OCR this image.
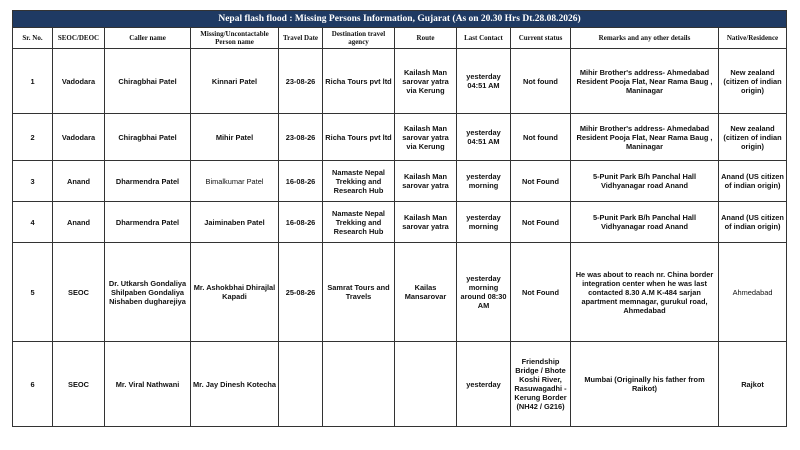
Nepal flash flood : Missing Persons Information, Gujarat (As on 20.30 Hrs Dt.28.08.2026)										
Sr. No.	SEOC/DEOC	Caller name	Missing/Uncontactable Person name	Travel Date	Destination travel agency	Route	Last Contact	Current status	Remarks and any other details	Native/Residence
1	Vadodara	Chiragbhai Patel	Kinnari Patel	23-08-26	Richa Tours pvt ltd	Kailash Man sarovar yatra via Kerung	yesterday 04:51 AM	Not found	Mihir Brother's address- Ahmedabad Resident Pooja Flat, Near Rama Baug , Maninagar	New zealand (citizen of indian origin)
2	Vadodara	Chiragbhai Patel	Mihir Patel	23-08-26	Richa Tours pvt ltd	Kailash Man sarovar yatra via Kerung	yesterday 04:51 AM	Not found	Mihir Brother's address- Ahmedabad Resident Pooja Flat, Near Rama Baug , Maninagar	New zealand (citizen of indian origin)
3	Anand	Dharmendra Patel	Bimalkumar Patel	16-08-26	Namaste Nepal Trekking and Research Hub	Kailash Man sarovar yatra	yesterday morning	Not Found	5-Punit Park B/h Panchal Hall Vidhyanagar road Anand	Anand (US citizen of indian origin)
4	Anand	Dharmendra Patel	Jaiminaben Patel	16-08-26	Namaste Nepal Trekking and Research Hub	Kailash Man sarovar yatra	yesterday morning	Not Found	5-Punit Park B/h Panchal Hall Vidhyanagar road Anand	Anand (US citizen of indian origin)
5	SEOC	Dr. Utkarsh Gondaliya Shilpaben Gondaliya Nishaben dugharejiya	Mr. Ashokbhai Dhirajlal Kapadi	25-08-26	Samrat Tours and Travels	Kailas Mansarovar	yesterday morning around 08:30 AM	Not Found	He was about to reach nr. China border integration center when he was last contacted 8.30 A.M K-484 sarjan apartment memnagar, gurukul road, Ahmedabad	Ahmedabad
6	SEOC	Mr. Viral Nathwani	Mr. Jay Dinesh Kotecha				yesterday	Friendship Bridge / Bhote Koshi River, Rasuwagadhi -Kerung Border (NH42 / G216)	Mumbai (Originally his father from Raikot)	Rajkot
